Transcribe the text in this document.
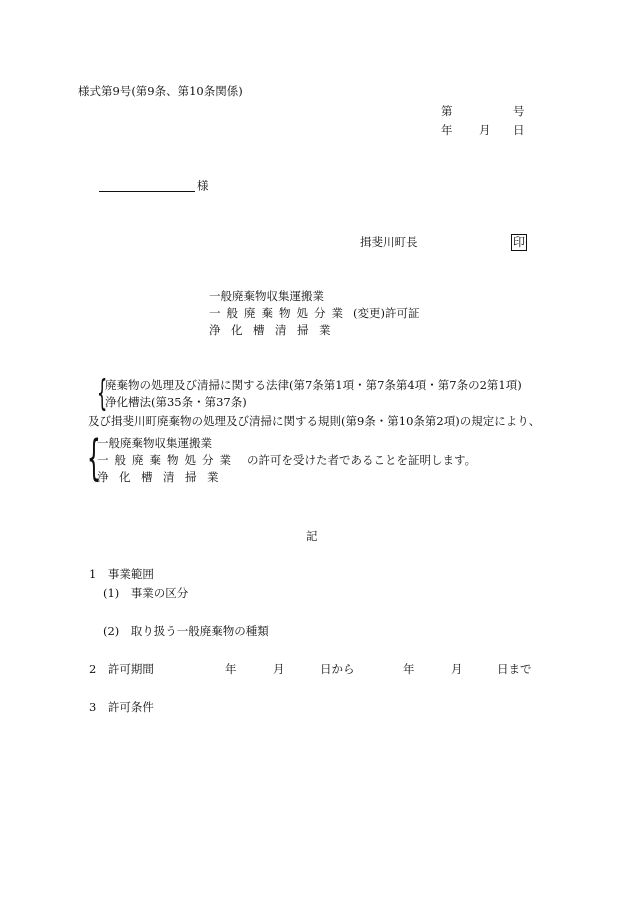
様式第9号(第9条、第10条関係)
第	号
年 月 日
様
揖斐川町長	印
一般廃棄物収集運搬業
一般廃棄物処分業 (変更)許可証
浄化槽清掃業
{
廃棄物の処理及び清掃に関する法律(第7条第1項・第7条第4項・第7条の2第1項)
浄化槽法(第35条・第37条)
及び揖斐川町廃棄物の処理及び清掃に関する規則(第9条・第10条第2項)の規定により、
{
一般廃棄物収集運搬業
一般廃棄物処分業 の許可を受けた者であることを証明します。
浄化槽清掃業
記
1　事業範囲
(1)　事業の区分
(2)　取り扱う一般廃棄物の種類
2　許可期間	年	月	日から	年	月	日まで
3　許可条件
